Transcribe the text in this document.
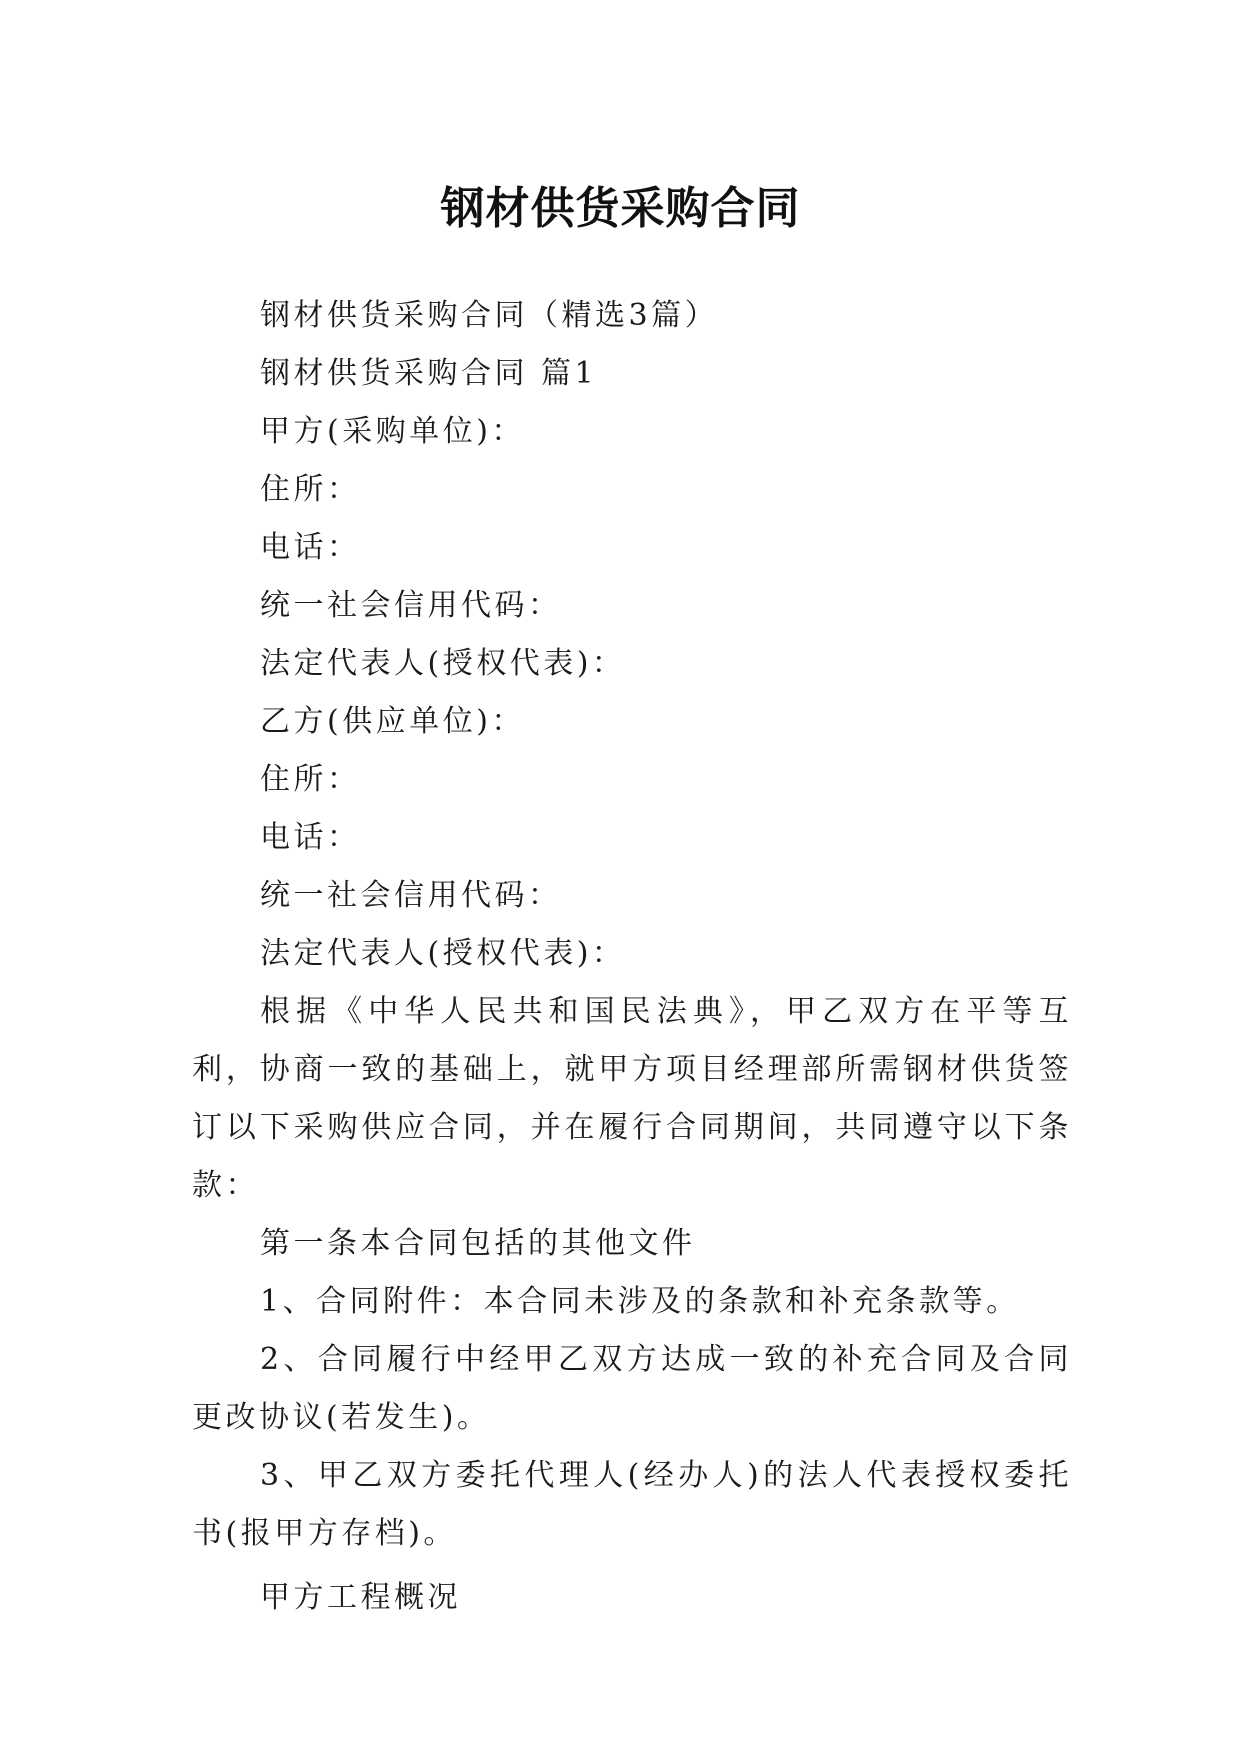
钢材供货采购合同

钢材供货采购合同（精选3篇）

钢材供货采购合同 篇1

甲方(采购单位)：

住所：

电话：

统一社会信用代码：

法定代表人(授权代表)：

乙方(供应单位)：

住所：

电话：

统一社会信用代码：

法定代表人(授权代表)：

根据《中华人民共和国民法典》，甲乙双方在平等互利，协商一致的基础上，就甲方项目经理部所需钢材供货签订以下采购供应合同，并在履行合同期间，共同遵守以下条款：

第一条本合同包括的其他文件

1、合同附件：本合同未涉及的条款和补充条款等。

2、合同履行中经甲乙双方达成一致的补充合同及合同更改协议(若发生)。

3、甲乙双方委托代理人(经办人)的法人代表授权委托书(报甲方存档)。

甲方工程概况
